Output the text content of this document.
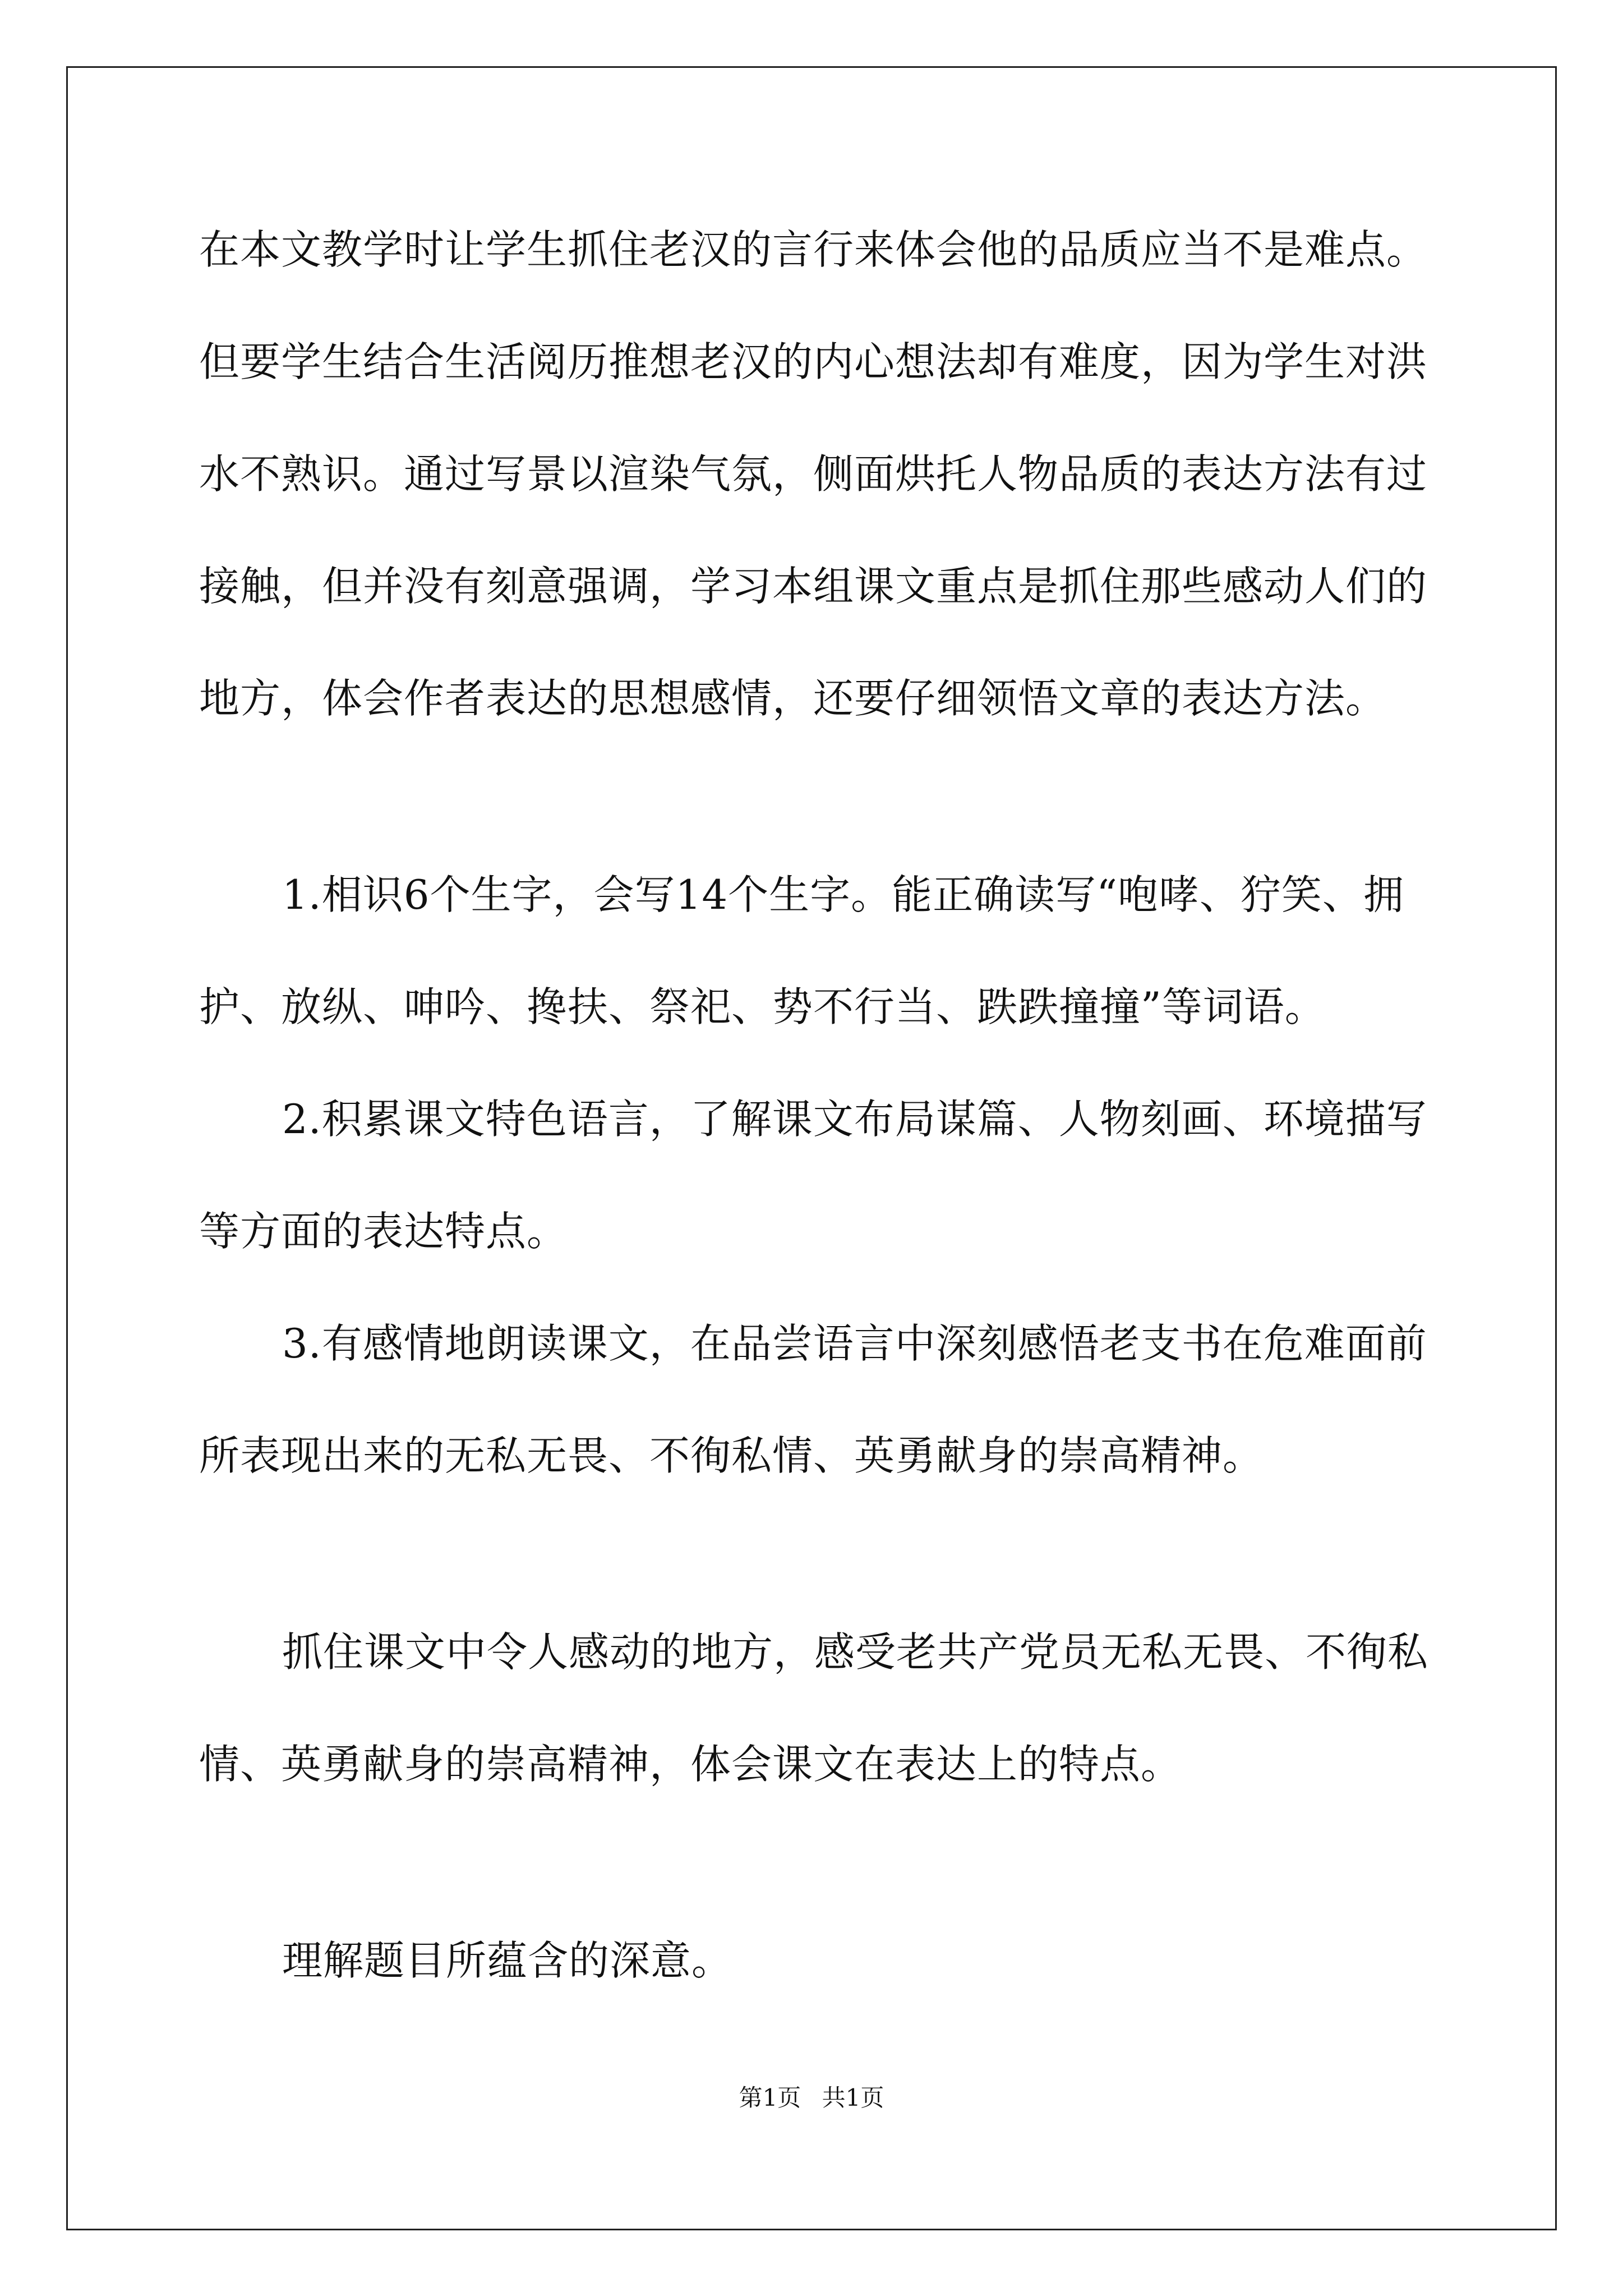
在本文教学时让学生抓住老汉的言行来体会他的品质应当不是难点。
但要学生结合生活阅历推想老汉的内心想法却有难度，因为学生对洪
水不熟识。通过写景以渲染气氛，侧面烘托人物品质的表达方法有过
接触，但并没有刻意强调，学习本组课文重点是抓住那些感动人们的
地方，体会作者表达的思想感情，还要仔细领悟文章的表达方法。
1.相识6个生字，会写14个生字。能正确读写“咆哮、狞笑、拥
护、放纵、呻吟、搀扶、祭祀、势不行当、跌跌撞撞”等词语。
2.积累课文特色语言，了解课文布局谋篇、人物刻画、环境描写
等方面的表达特点。
3.有感情地朗读课文，在品尝语言中深刻感悟老支书在危难面前
所表现出来的无私无畏、不徇私情、英勇献身的崇高精神。
抓住课文中令人感动的地方，感受老共产党员无私无畏、不徇私
情、英勇献身的崇高精神，体会课文在表达上的特点。
理解题目所蕴含的深意。
第1页 共1页
